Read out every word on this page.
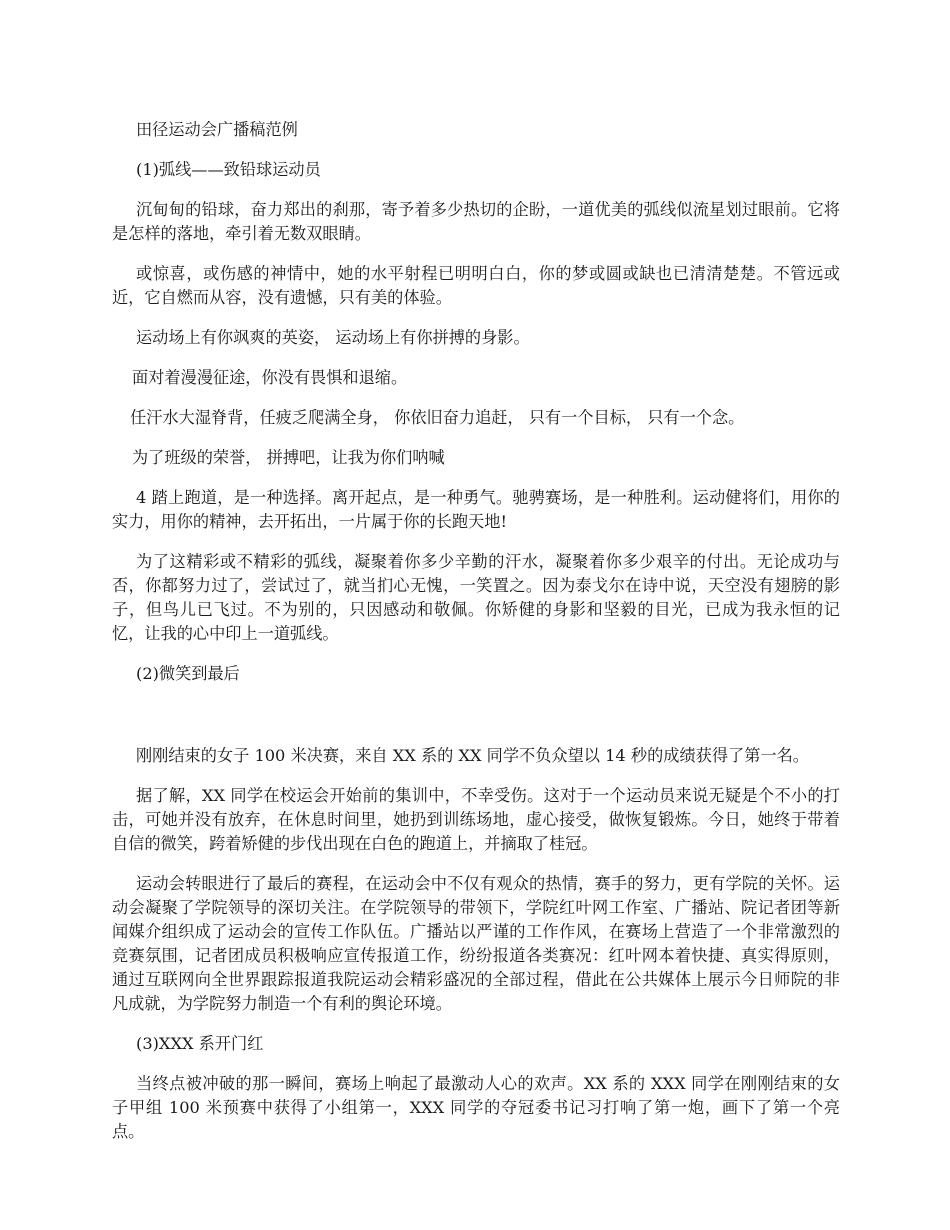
田径运动会广播稿范例

(1)弧线——致铅球运动员

沉甸甸的铅球，奋力郑出的刹那，寄予着多少热切的企盼，一道优美的弧线似流星划过眼前。它将是怎样的落地，牵引着无数双眼睛。

或惊喜，或伤感的神情中，她的水平射程已明明白白，你的梦或圆或缺也已清清楚楚。不管远或近，它自燃而从容，没有遗憾，只有美的体验。

运动场上有你飒爽的英姿， 运动场上有你拼搏的身影。

面对着漫漫征途，你没有畏惧和退缩。

任汗水大湿脊背，任疲乏爬满全身， 你依旧奋力追赶， 只有一个目标， 只有一个念。

为了班级的荣誉， 拼搏吧，让我为你们呐喊

4 踏上跑道，是一种选择。离开起点，是一种勇气。驰骋赛场，是一种胜利。运动健将们，用你的实力，用你的精神，去开拓出，一片属于你的长跑天地!

为了这精彩或不精彩的弧线，凝聚着你多少辛勤的汗水，凝聚着你多少艰辛的付出。无论成功与否，你都努力过了，尝试过了，就当扪心无愧，一笑置之。因为泰戈尔在诗中说，天空没有翅膀的影子，但鸟儿已飞过。不为别的，只因感动和敬佩。你矫健的身影和坚毅的目光，已成为我永恒的记忆，让我的心中印上一道弧线。

(2)微笑到最后

刚刚结束的女子 100 米决赛，来自 XX 系的 XX 同学不负众望以 14 秒的成绩获得了第一名。

据了解，XX 同学在校运会开始前的集训中，不幸受伤。这对于一个运动员来说无疑是个不小的打击，可她并没有放弃，在休息时间里，她扔到训练场地，虚心接受，做恢复锻炼。今日，她终于带着自信的微笑，跨着矫健的步伐出现在白色的跑道上，并摘取了桂冠。

运动会转眼进行了最后的赛程，在运动会中不仅有观众的热情，赛手的努力，更有学院的关怀。运动会凝聚了学院领导的深切关注。在学院领导的带领下，学院红叶网工作室、广播站、院记者团等新闻媒介组织成了运动会的宣传工作队伍。广播站以严谨的工作作风，在赛场上营造了一个非常激烈的竞赛氛围，记者团成员积极响应宣传报道工作，纷纷报道各类赛况：红叶网本着快捷、真实得原则，通过互联网向全世界跟踪报道我院运动会精彩盛况的全部过程，借此在公共媒体上展示今日师院的非凡成就，为学院努力制造一个有利的舆论环境。

(3)XXX 系开门红

当终点被冲破的那一瞬间，赛场上响起了最激动人心的欢声。XX 系的 XXX 同学在刚刚结束的女子甲组 100 米预赛中获得了小组第一，XXX 同学的夺冠委书记习打响了第一炮，画下了第一个亮点。
